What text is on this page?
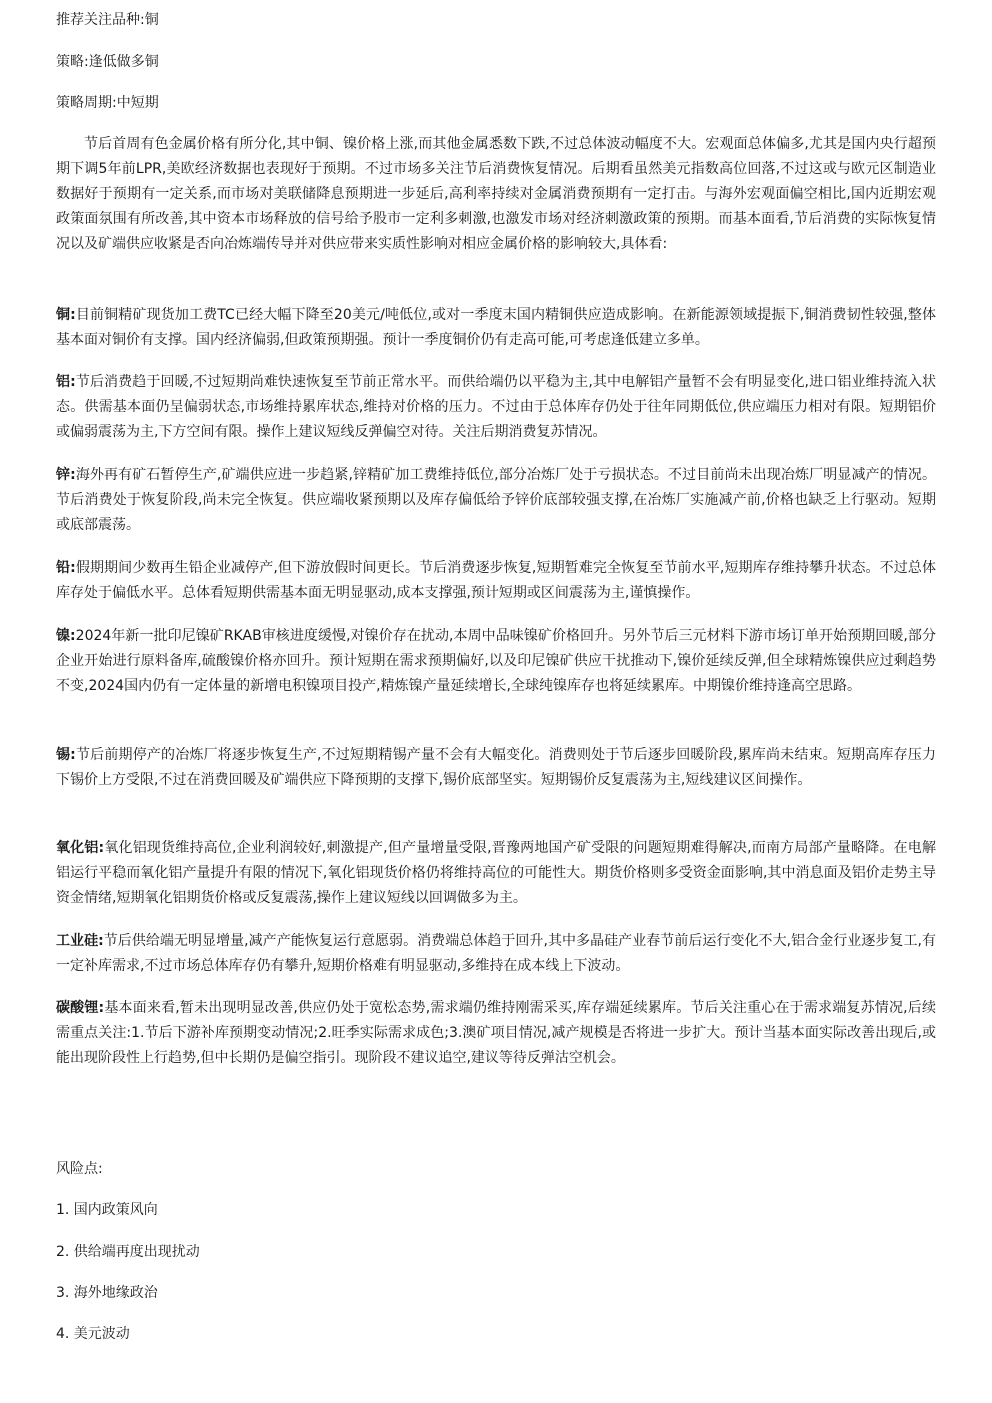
推荐关注品种:铜
策略:逢低做多铜
策略周期:中短期

节后首周有色金属价格有所分化,其中铜、镍价格上涨,而其他金属悉数下跌,不过总体波动幅度不大。宏观面总体偏多,尤其是国内央行超预期下调5年前LPR,美欧经济数据也表现好于预期。不过市场多关注节后消费恢复情况。后期看虽然美元指数高位回落,不过这或与欧元区制造业数据好于预期有一定关系,而市场对美联储降息预期进一步延后,高利率持续对金属消费预期有一定打击。与海外宏观面偏空相比,国内近期宏观政策面氛围有所改善,其中资本市场释放的信号给予股市一定利多刺激,也激发市场对经济刺激政策的预期。而基本面看,节后消费的实际恢复情况以及矿端供应收紧是否向冶炼端传导并对供应带来实质性影响对相应金属价格的影响较大,具体看:

铜:目前铜精矿现货加工费TC已经大幅下降至20美元/吨低位,或对一季度末国内精铜供应造成影响。在新能源领域提振下,铜消费韧性较强,整体基本面对铜价有支撑。国内经济偏弱,但政策预期强。预计一季度铜价仍有走高可能,可考虑逢低建立多单。

铝:节后消费趋于回暖,不过短期尚难快速恢复至节前正常水平。而供给端仍以平稳为主,其中电解铝产量暂不会有明显变化,进口铝业维持流入状态。供需基本面仍呈偏弱状态,市场维持累库状态,维持对价格的压力。不过由于总体库存仍处于往年同期低位,供应端压力相对有限。短期铝价或偏弱震荡为主,下方空间有限。操作上建议短线反弹偏空对待。关注后期消费复苏情况。

锌:海外再有矿石暂停生产,矿端供应进一步趋紧,锌精矿加工费维持低位,部分冶炼厂处于亏损状态。不过目前尚未出现冶炼厂明显减产的情况。节后消费处于恢复阶段,尚未完全恢复。供应端收紧预期以及库存偏低给予锌价底部较强支撑,在冶炼厂实施减产前,价格也缺乏上行驱动。短期或底部震荡。

铅:假期期间少数再生铅企业减停产,但下游放假时间更长。节后消费逐步恢复,短期暂难完全恢复至节前水平,短期库存维持攀升状态。不过总体库存处于偏低水平。总体看短期供需基本面无明显驱动,成本支撑强,预计短期或区间震荡为主,谨慎操作。

镍:2024年新一批印尼镍矿RKAB审核进度缓慢,对镍价存在扰动,本周中品味镍矿价格回升。另外节后三元材料下游市场订单开始预期回暖,部分企业开始进行原料备库,硫酸镍价格亦回升。预计短期在需求预期偏好,以及印尼镍矿供应干扰推动下,镍价延续反弹,但全球精炼镍供应过剩趋势不变,2024国内仍有一定体量的新增电积镍项目投产,精炼镍产量延续增长,全球纯镍库存也将延续累库。中期镍价维持逢高空思路。

锡:节后前期停产的冶炼厂将逐步恢复生产,不过短期精锡产量不会有大幅变化。消费则处于节后逐步回暖阶段,累库尚未结束。短期高库存压力下锡价上方受限,不过在消费回暖及矿端供应下降预期的支撑下,锡价底部坚实。短期锡价反复震荡为主,短线建议区间操作。

氧化铝:氧化铝现货维持高位,企业利润较好,刺激提产,但产量增量受限,晋豫两地国产矿受限的问题短期难得解决,而南方局部产量略降。在电解铝运行平稳而氧化铝产量提升有限的情况下,氧化铝现货价格仍将维持高位的可能性大。期货价格则多受资金面影响,其中消息面及铝价走势主导资金情绪,短期氧化铝期货价格或反复震荡,操作上建议短线以回调做多为主。

工业硅:节后供给端无明显增量,减产产能恢复运行意愿弱。消费端总体趋于回升,其中多晶硅产业春节前后运行变化不大,铝合金行业逐步复工,有一定补库需求,不过市场总体库存仍有攀升,短期价格难有明显驱动,多维持在成本线上下波动。

碳酸锂:基本面来看,暂未出现明显改善,供应仍处于宽松态势,需求端仍维持刚需采买,库存端延续累库。节后关注重心在于需求端复苏情况,后续需重点关注:1.节后下游补库预期变动情况;2.旺季实际需求成色;3.澳矿项目情况,减产规模是否将进一步扩大。预计当基本面实际改善出现后,或能出现阶段性上行趋势,但中长期仍是偏空指引。现阶段不建议追空,建议等待反弹沽空机会。

风险点:
1. 国内政策风向
2. 供给端再度出现扰动
3. 海外地缘政治
4. 美元波动
